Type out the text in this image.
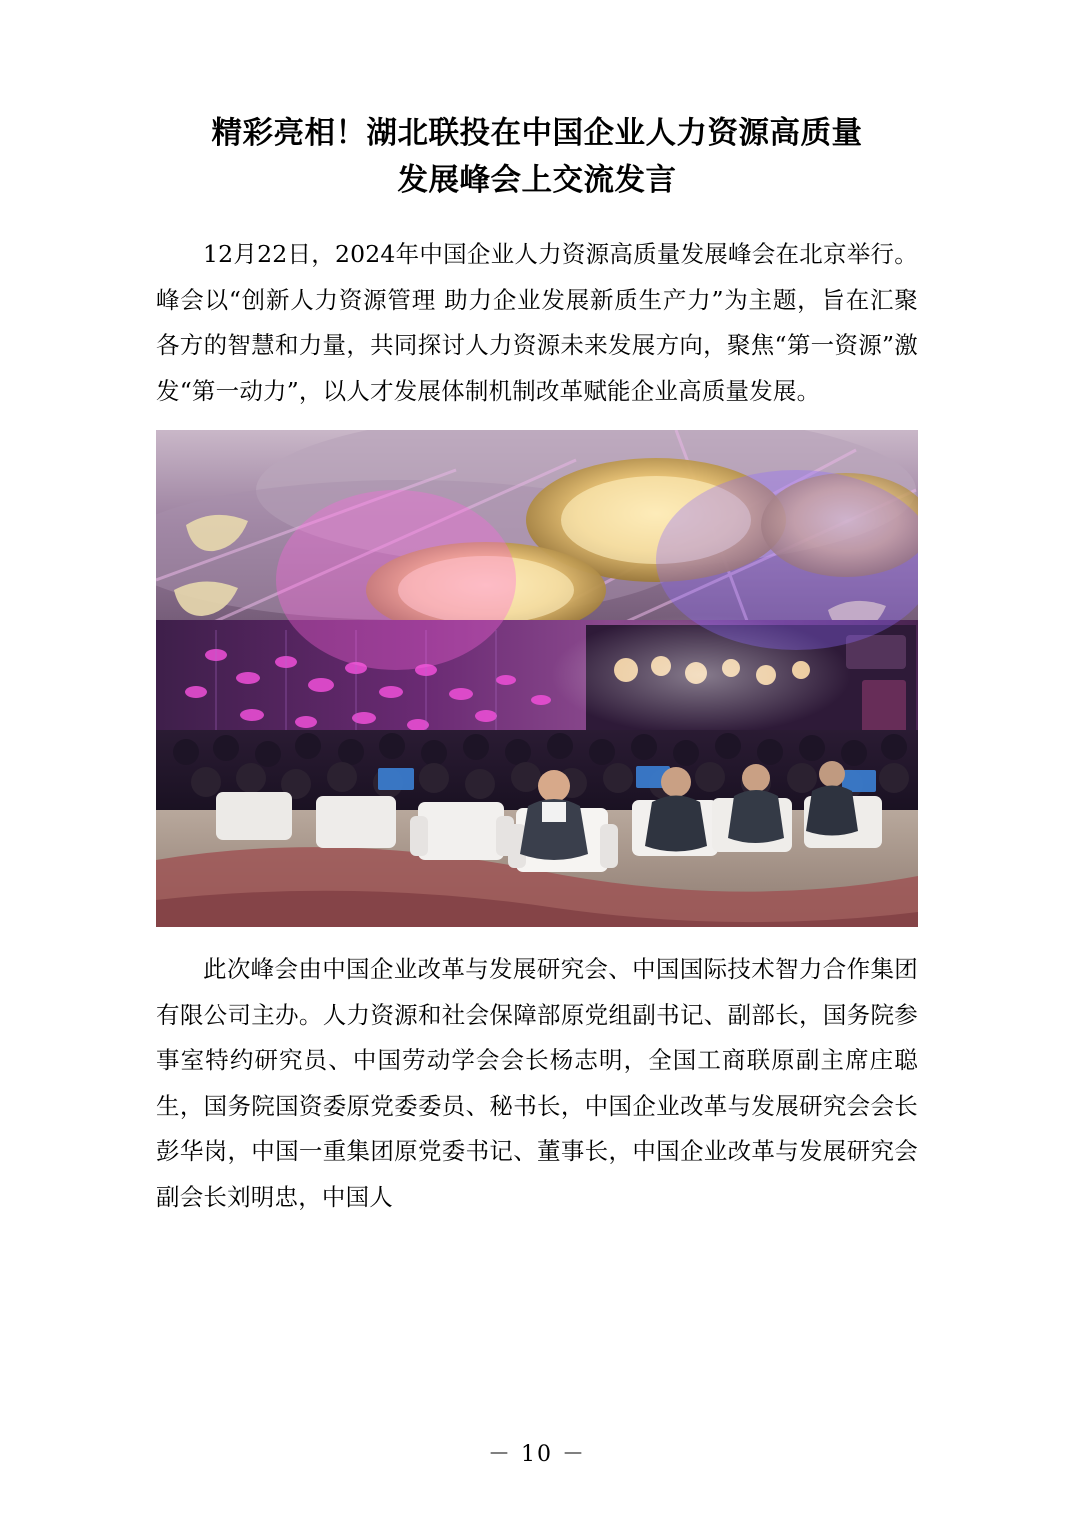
精彩亮相！湖北联投在中国企业人力资源高质量
发展峰会上交流发言

12月22日，2024年中国企业人力资源高质量发展峰会在北京举行。峰会以“创新人力资源管理 助力企业发展新质生产力”为主题，旨在汇聚各方的智慧和力量，共同探讨人力资源未来发展方向，聚焦“第一资源”激发“第一动力”，以人才发展体制机制改革赋能企业高质量发展。

此次峰会由中国企业改革与发展研究会、中国国际技术智力合作集团有限公司主办。人力资源和社会保障部原党组副书记、副部长，国务院参事室特约研究员、中国劳动学会会长杨志明，全国工商联原副主席庄聪生，国务院国资委原党委委员、秘书长，中国企业改革与发展研究会会长彭华岗，中国一重集团原党委书记、董事长，中国企业改革与发展研究会副会长刘明忠，中国人

－ 10 －
